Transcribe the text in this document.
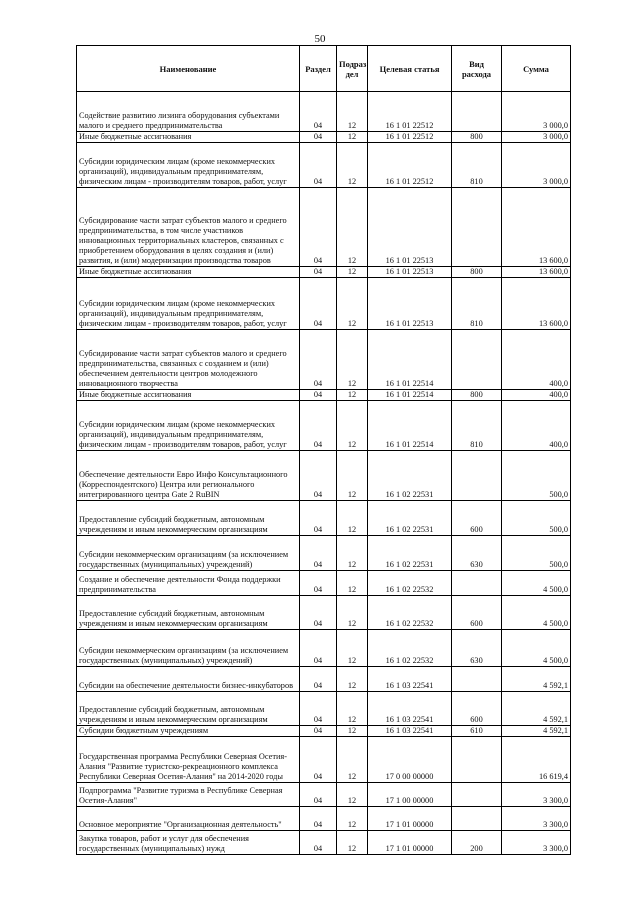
50
Наименование	Раздел	Подраз дел	Целевая статья	Вид расхода	Сумма
Содействие развитию лизинга оборудования субъектами малого и среднего предпринимательства	04	12	16 1 01 22512		3 000,0
Иные бюджетные ассигнования	04	12	16 1 01 22512	800	3 000,0
Субсидии юридическим лицам (кроме некоммерческих организаций), индивидуальным предпринимателям, физическим лицам - производителям товаров, работ, услуг	04	12	16 1 01 22512	810	3 000,0
Субсидирование части затрат субъектов малого и среднего предпринимательства, в том числе участников инновационных территориальных кластеров, связанных с приобретением оборудования в целях создания и (или) развития, и (или) модернизации производства товаров	04	12	16 1 01 22513		13 600,0
Иные бюджетные ассигнования	04	12	16 1 01 22513	800	13 600,0
Субсидии юридическим лицам (кроме некоммерческих организаций), индивидуальным предпринимателям, физическим лицам - производителям товаров, работ, услуг	04	12	16 1 01 22513	810	13 600,0
Субсидирование части затрат субъектов малого и среднего предпринимательства, связанных с созданием и (или) обеспечением деятельности центров молодежного инновационного творчества	04	12	16 1 01 22514		400,0
Иные бюджетные ассигнования	04	12	16 1 01 22514	800	400,0
Субсидии юридическим лицам (кроме некоммерческих организаций), индивидуальным предпринимателям, физическим лицам - производителям товаров, работ, услуг	04	12	16 1 01 22514	810	400,0
Обеспечение деятельности Евро Инфо Консультационного (Корреспондентского) Центра или регионального интегрированного центра Gate 2 RuBIN	04	12	16 1 02 22531		500,0
Предоставление субсидий бюджетным, автономным учреждениям и иным некоммерческим организациям	04	12	16 1 02 22531	600	500,0
Субсидии некоммерческим организациям (за исключением государственных (муниципальных) учреждений)	04	12	16 1 02 22531	630	500,0
Создание и обеспечение деятельности Фонда поддержки предпринимательства	04	12	16 1 02 22532		4 500,0
Предоставление субсидий бюджетным, автономным учреждениям и иным некоммерческим организациям	04	12	16 1 02 22532	600	4 500,0
Субсидии некоммерческим организациям (за исключением государственных (муниципальных) учреждений)	04	12	16 1 02 22532	630	4 500,0
Субсидии на обеспечение деятельности бизнес-инкубаторов	04	12	16 1 03 22541		4 592,1
Предоставление субсидий бюджетным, автономным учреждениям и иным некоммерческим организациям	04	12	16 1 03 22541	600	4 592,1
Субсидии бюджетным учреждениям	04	12	16 1 03 22541	610	4 592,1
Государственная программа Республики Северная Осетия-Алания "Развитие туристско-рекреационного комплекса Республики Северная Осетия-Алания" на 2014-2020 годы	04	12	17 0 00 00000		16 619,4
Подпрограмма "Развитие туризма в Республике Северная Осетия-Алания"	04	12	17 1 00 00000		3 300,0
Основное мероприятие "Организационная деятельность"	04	12	17 1 01 00000		3 300,0
Закупка товаров, работ и услуг для обеспечения государственных (муниципальных) нужд	04	12	17 1 01 00000	200	3 300,0
